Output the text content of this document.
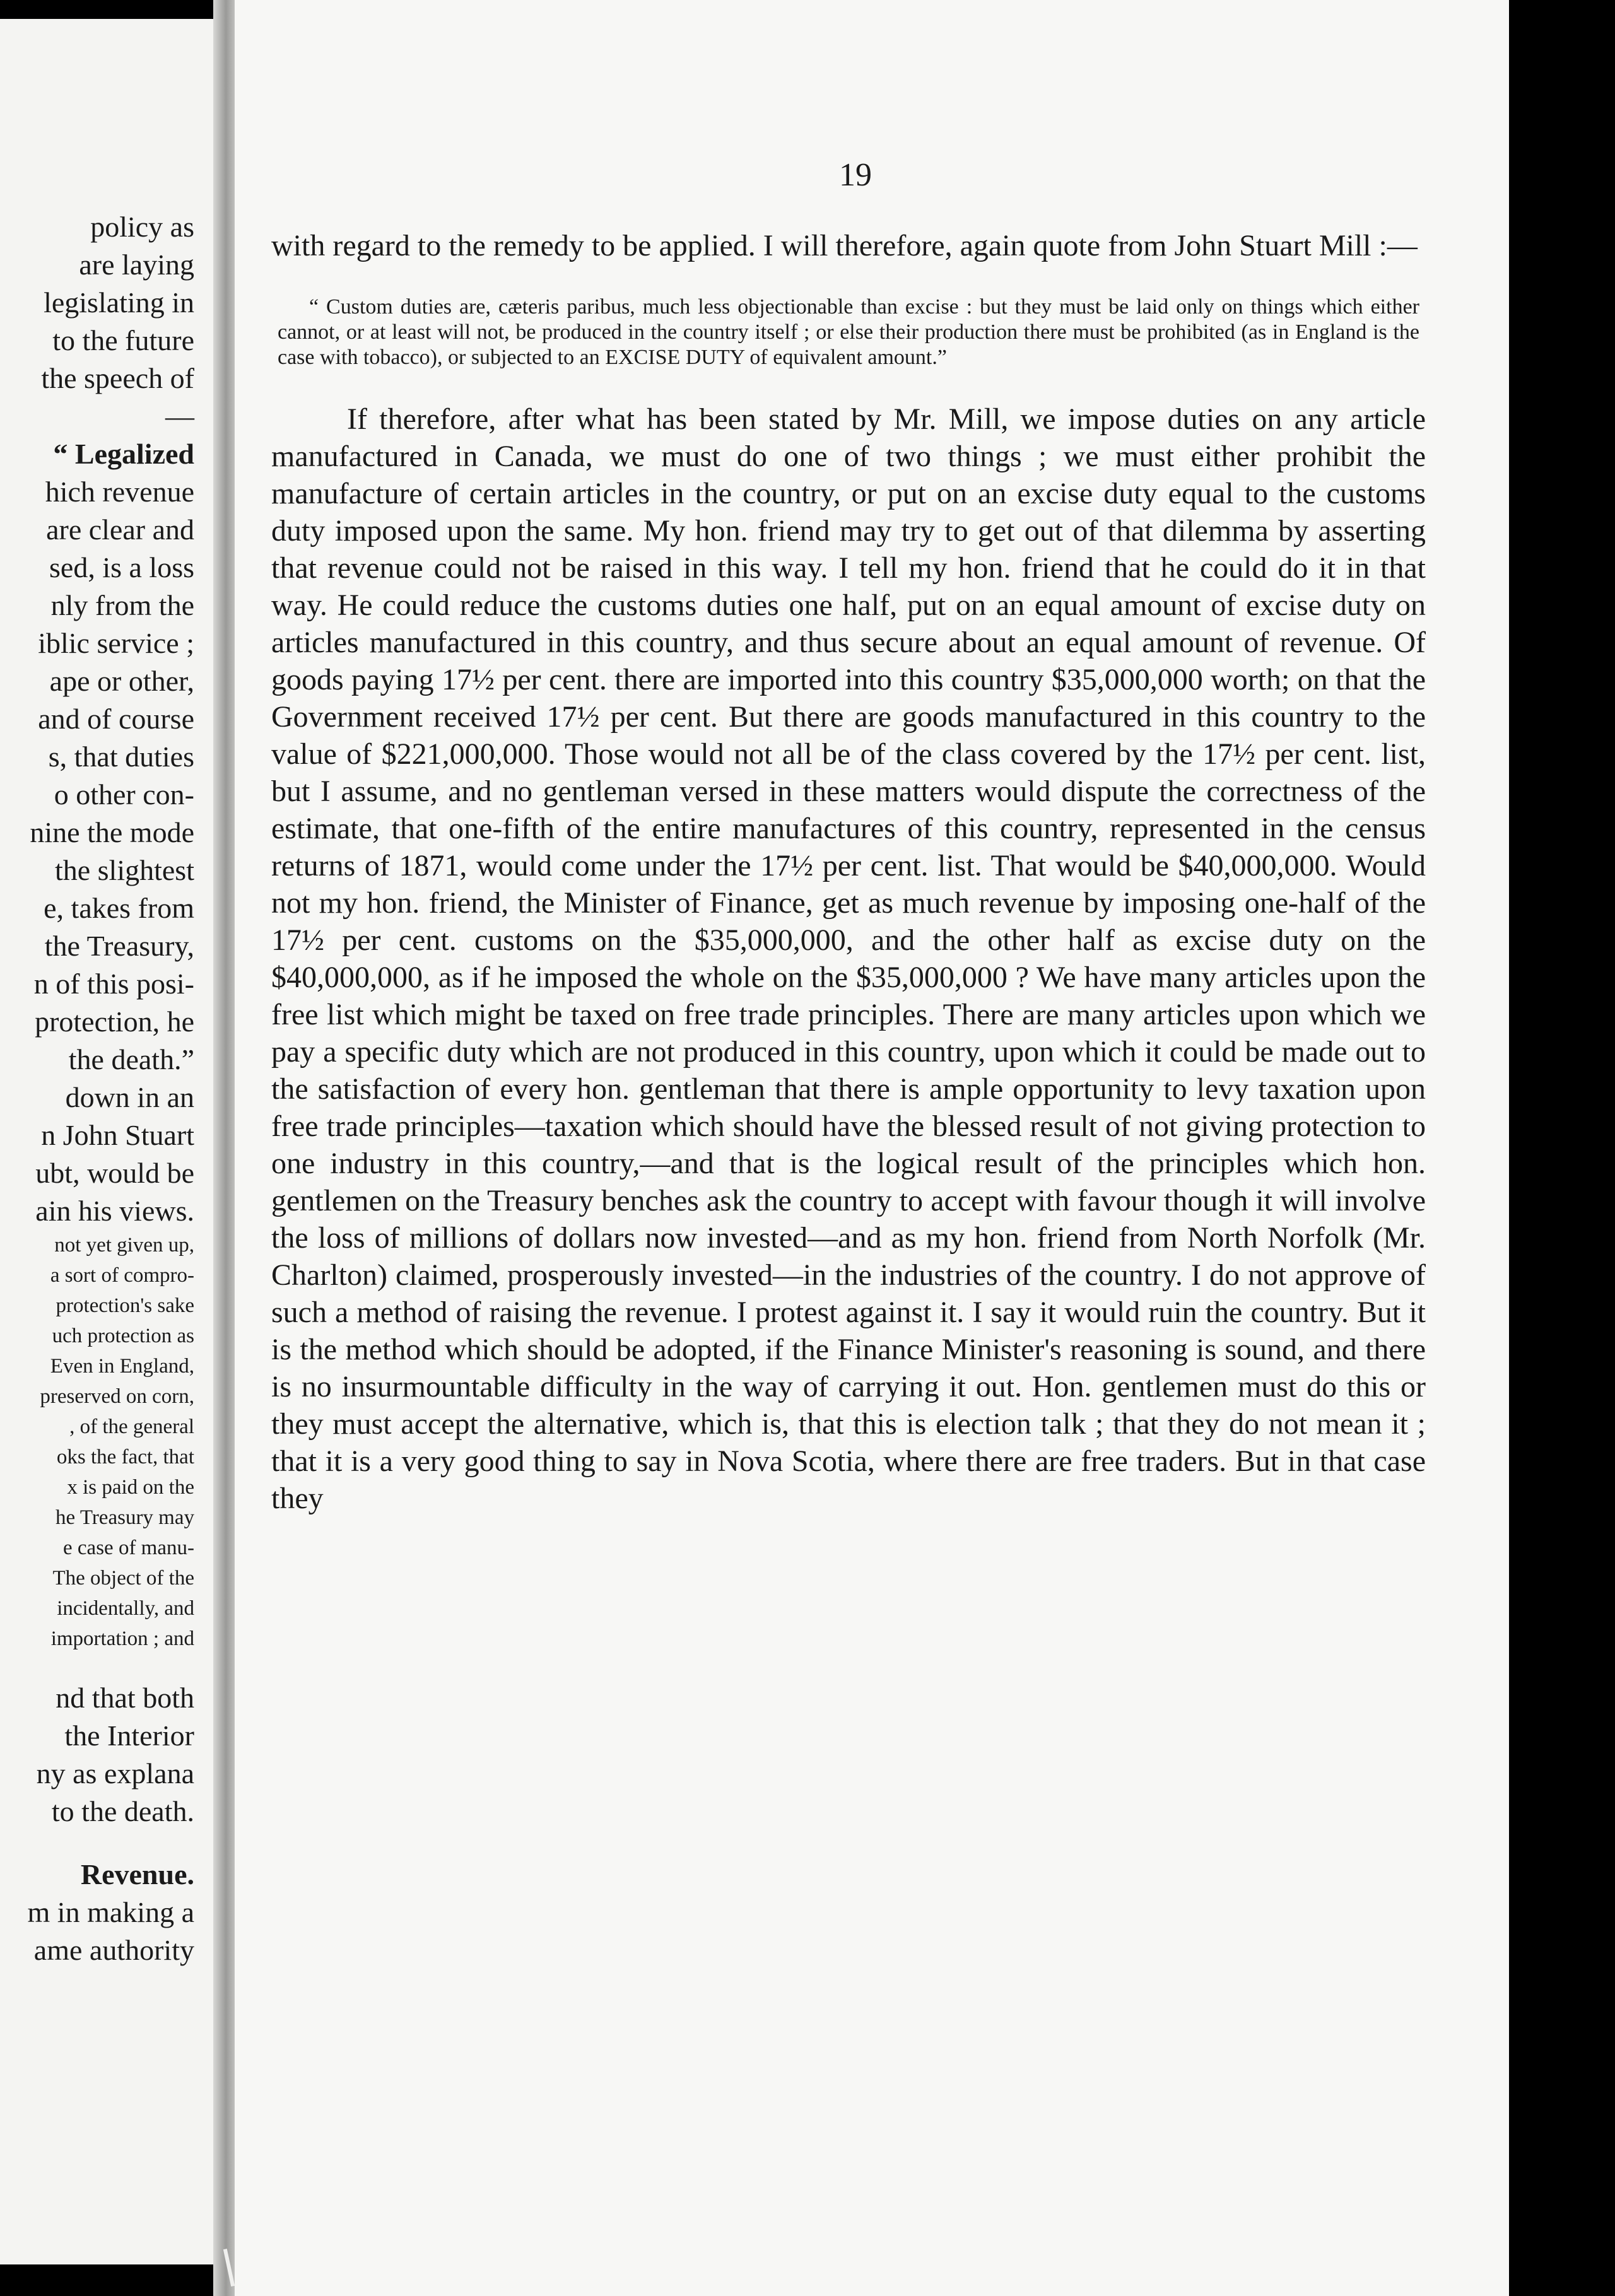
policy as
are laying
legislating in
to the future
the speech of
—
“ Legalized
hich revenue
are clear and
sed, is a loss
nly from the
iblic service ;
ape or other,
and of course
s, that duties
o other con-
nine the mode
the slightest
e, takes from
the Treasury,
n of this posi-
protection, he
the death.”
down in an
n John Stuart
ubt, would be
ain his views.
not yet given up,
a sort of compro-
protection's sake
uch protection as
Even in England,
preserved on corn,
, of the general
oks the fact, that
x is paid on the
he Treasury may
e case of manu-
The object of the
incidentally, and
importation ; and
nd that both
the Interior
ny as explana
to the death.
Revenue.
m in making a
ame authority
19

with regard to the remedy to be applied. I will therefore, again quote from John Stuart Mill :—

“ Custom duties are, cæteris paribus, much less objectionable than excise : but they must be laid only on things which either cannot, or at least will not, be produced in the country itself ; or else their production there must be prohibited (as in England is the case with tobacco), or subjected to an EXCISE DUTY of equivalent amount.”

If therefore, after what has been stated by Mr. Mill, we impose duties on any article manufactured in Canada, we must do one of two things ; we must either prohibit the manufacture of certain articles in the country, or put on an excise duty equal to the customs duty imposed upon the same. My hon. friend may try to get out of that dilemma by asserting that revenue could not be raised in this way. I tell my hon. friend that he could do it in that way. He could reduce the customs duties one half, put on an equal amount of excise duty on articles manufactured in this country, and thus secure about an equal amount of revenue. Of goods paying 17½ per cent. there are imported into this country $35,000,000 worth; on that the Government received 17½ per cent. But there are goods manufactured in this country to the value of $221,000,000. Those would not all be of the class covered by the 17½ per cent. list, but I assume, and no gentleman versed in these matters would dispute the correctness of the estimate, that one-fifth of the entire manufactures of this country, represented in the census returns of 1871, would come under the 17½ per cent. list. That would be $40,000,000. Would not my hon. friend, the Minister of Finance, get as much revenue by imposing one-half of the 17½ per cent. customs on the $35,000,000, and the other half as excise duty on the $40,000,000, as if he imposed the whole on the $35,000,000 ? We have many articles upon the free list which might be taxed on free trade principles. There are many articles upon which we pay a specific duty which are not produced in this country, upon which it could be made out to the satisfaction of every hon. gentleman that there is ample opportunity to levy taxation upon free trade principles—taxation which should have the blessed result of not giving protection to one industry in this country,—and that is the logical result of the principles which hon. gentlemen on the Treasury benches ask the country to accept with favour though it will involve the loss of millions of dollars now invested—and as my hon. friend from North Norfolk (Mr. Charlton) claimed, prosperously invested—in the industries of the country. I do not approve of such a method of raising the revenue. I protest against it. I say it would ruin the country. But it is the method which should be adopted, if the Finance Minister's reasoning is sound, and there is no insurmountable difficulty in the way of carrying it out. Hon. gentlemen must do this or they must accept the alternative, which is, that this is election talk ; that they do not mean it ; that it is a very good thing to say in Nova Scotia, where there are free traders. But in that case they
